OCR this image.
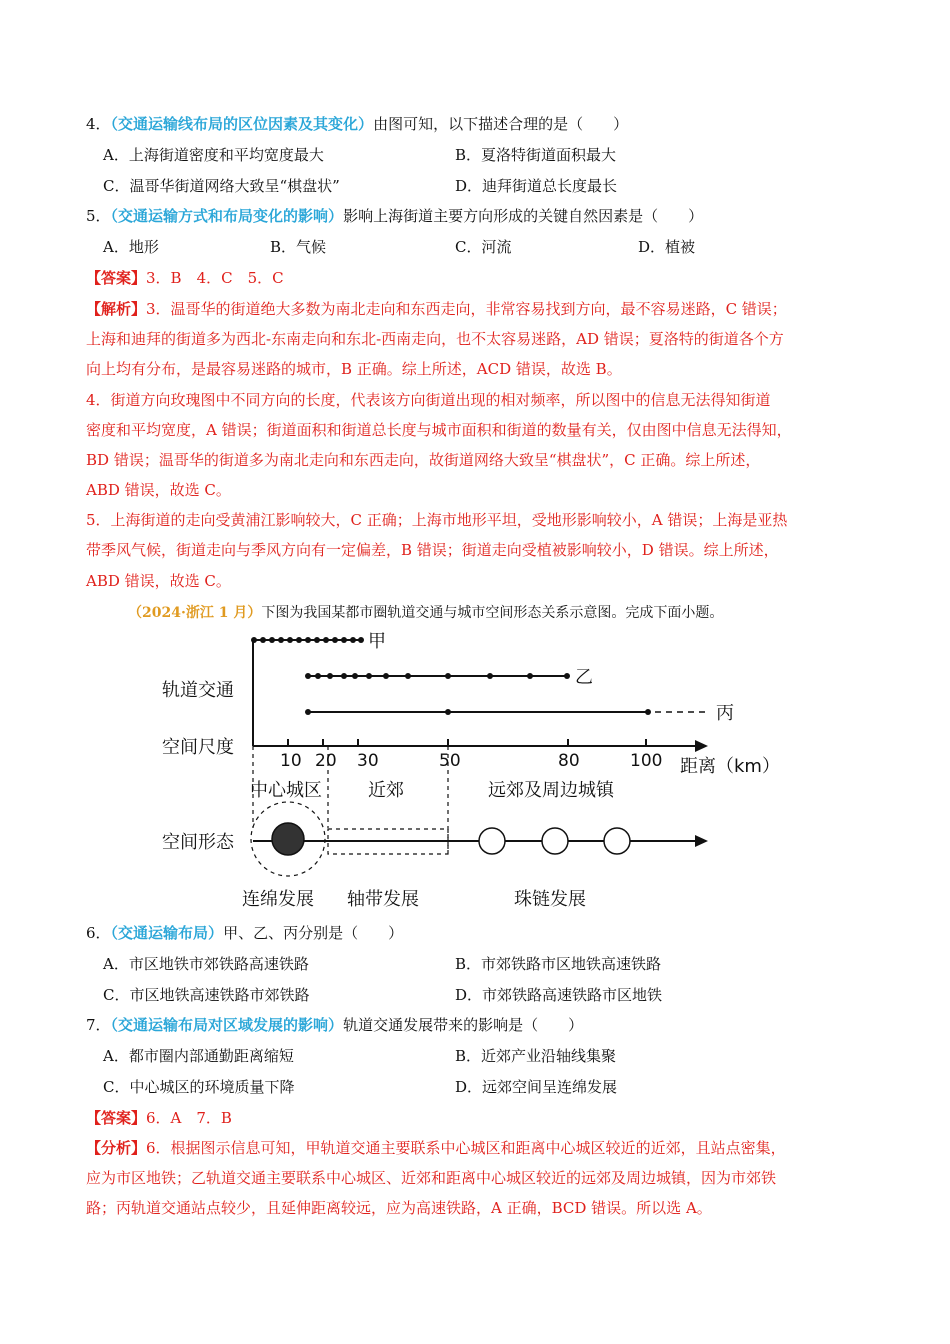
4．（交通运输线布局的区位因素及其变化）由图可知，以下描述合理的是（　　）
A．上海街道密度和平均宽度最大	B．夏洛特街道面积最大
C．温哥华街道网络大致呈“棋盘状”	D．迪拜街道总长度最长
5．（交通运输方式和布局变化的影响）影响上海街道主要方向形成的关键自然因素是（　　）
A．地形	B．气候	C．河流	D．植被
【答案】3．B　4．C　5．C
【解析】3．温哥华的街道绝大多数为南北走向和东西走向，非常容易找到方向，最不容易迷路，C 错误；
上海和迪拜的街道多为西北-东南走向和东北-西南走向，也不太容易迷路，AD 错误；夏洛特的街道各个方
向上均有分布，是最容易迷路的城市，B 正确。综上所述，ACD 错误，故选 B。
4．街道方向玫瑰图中不同方向的长度，代表该方向街道出现的相对频率，所以图中的信息无法得知街道
密度和平均宽度，A 错误；街道面积和街道总长度与城市面积和街道的数量有关，仅由图中信息无法得知，
BD 错误；温哥华的街道多为南北走向和东西走向，故街道网络大致呈“棋盘状”，C 正确。综上所述，
ABD 错误，故选 C。
5．上海街道的走向受黄浦江影响较大，C 正确；上海市地形平坦，受地形影响较小，A 错误；上海是亚热
带季风气候，街道走向与季风方向有一定偏差，B 错误；街道走向受植被影响较小，D 错误。综上所述，
ABD 错误，故选 C。
（2024·浙江 1 月）下图为我国某都市圈轨道交通与城市空间形态关系示意图。完成下面小题。
轨道交通
空间尺度
空间形态
甲
乙
丙
10 20 30	50	80	100 距离（km）
中心城区	近郊	远郊及周边城镇
连绵发展 轴带发展	珠链发展
6．（交通运输布局）甲、乙、丙分别是（　　）
A．市区地铁市郊铁路高速铁路	B．市郊铁路市区地铁高速铁路
C．市区地铁高速铁路市郊铁路	D．市郊铁路高速铁路市区地铁
7．（交通运输布局对区域发展的影响）轨道交通发展带来的影响是（　　）
A．都市圈内部通勤距离缩短	B．近郊产业沿轴线集聚
C．中心城区的环境质量下降	D．远郊空间呈连绵发展
【答案】6．A　7．B
【分析】6．根据图示信息可知，甲轨道交通主要联系中心城区和距离中心城区较近的近郊，且站点密集，
应为市区地铁；乙轨道交通主要联系中心城区、近郊和距离中心城区较近的远郊及周边城镇，因为市郊铁
路；丙轨道交通站点较少，且延伸距离较远，应为高速铁路，A 正确，BCD 错误。所以选 A。
